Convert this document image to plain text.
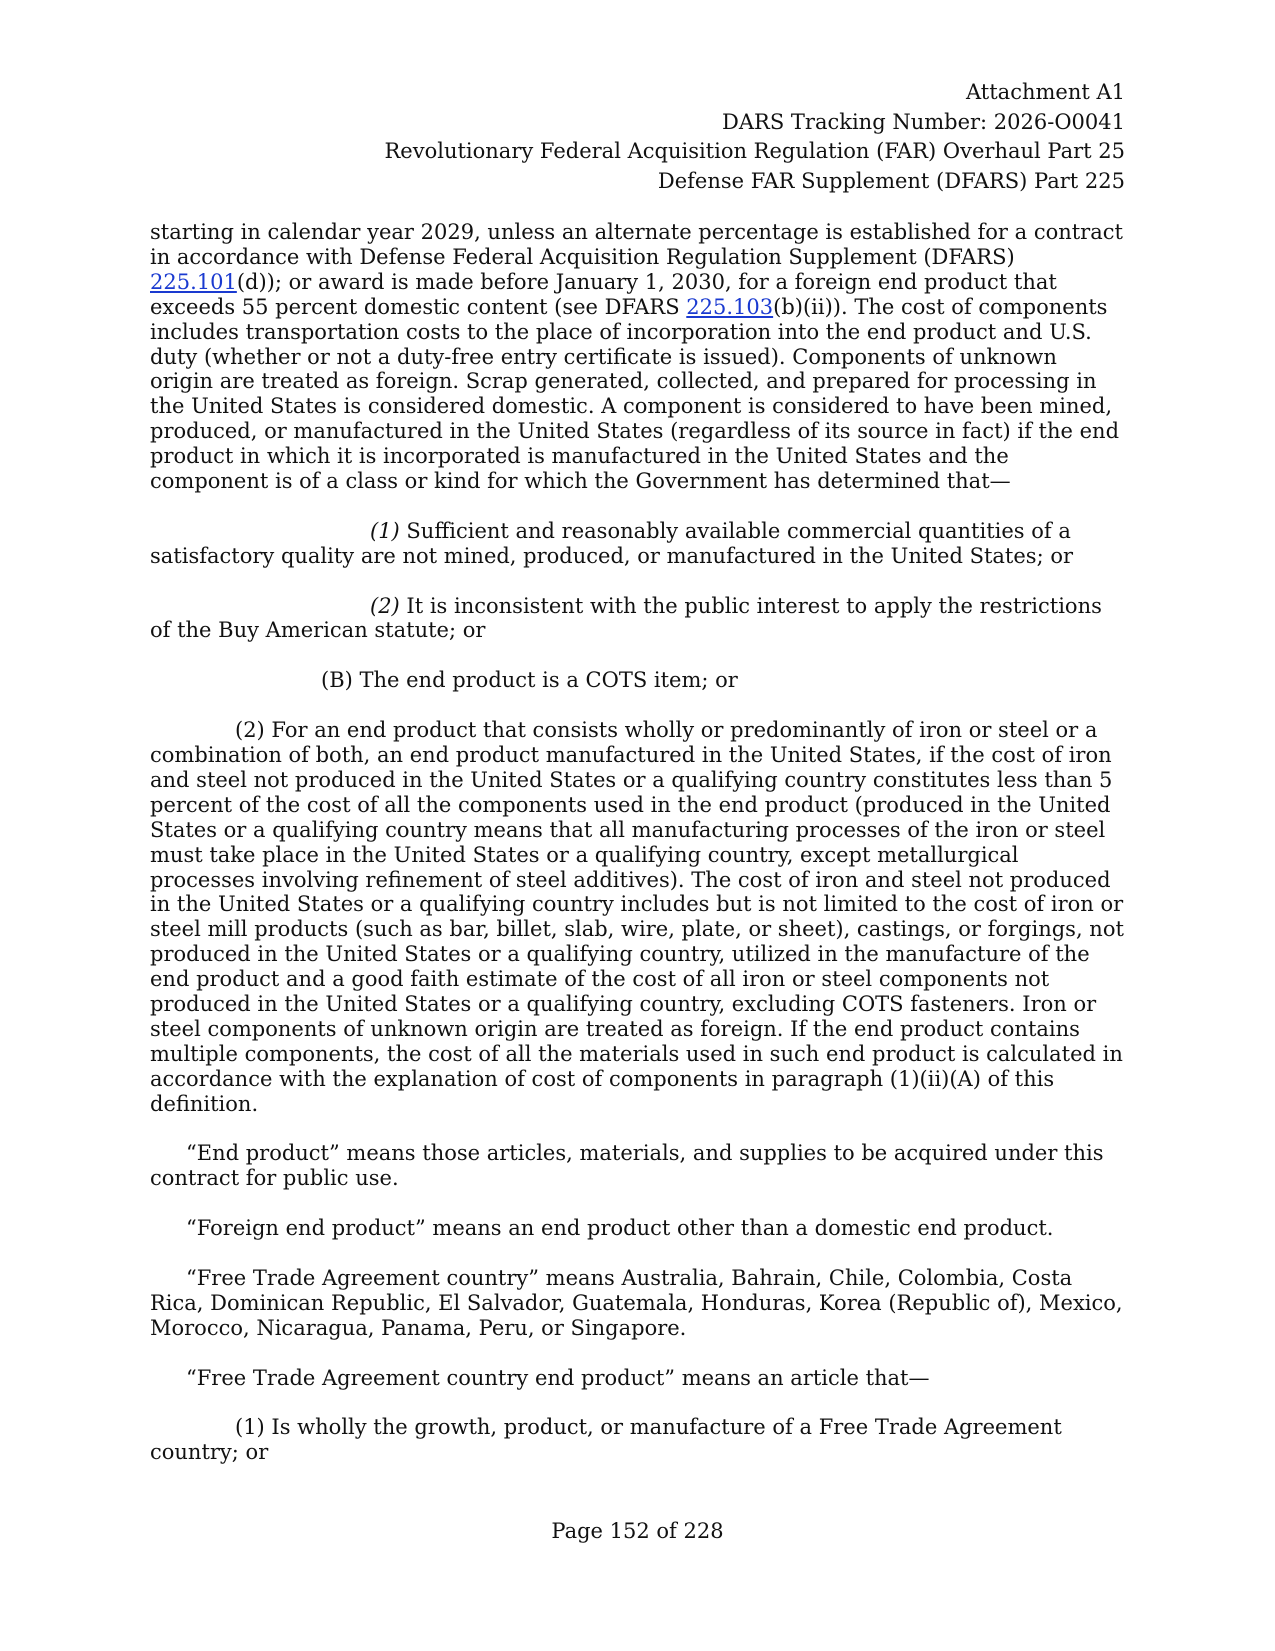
Attachment A1
DARS Tracking Number: 2026-O0041
Revolutionary Federal Acquisition Regulation (FAR) Overhaul Part 25
Defense FAR Supplement (DFARS) Part 225

starting in calendar year 2029, unless an alternate percentage is established for a contract in accordance with Defense Federal Acquisition Regulation Supplement (DFARS) 225.101(d)); or award is made before January 1, 2030, for a foreign end product that exceeds 55 percent domestic content (see DFARS 225.103(b)(ii)). The cost of components includes transportation costs to the place of incorporation into the end product and U.S. duty (whether or not a duty-free entry certificate is issued). Components of unknown origin are treated as foreign. Scrap generated, collected, and prepared for processing in the United States is considered domestic. A component is considered to have been mined, produced, or manufactured in the United States (regardless of its source in fact) if the end product in which it is incorporated is manufactured in the United States and the component is of a class or kind for which the Government has determined that—

(1) Sufficient and reasonably available commercial quantities of a satisfactory quality are not mined, produced, or manufactured in the United States; or

(2) It is inconsistent with the public interest to apply the restrictions of the Buy American statute; or

(B) The end product is a COTS item; or

(2) For an end product that consists wholly or predominantly of iron or steel or a combination of both, an end product manufactured in the United States, if the cost of iron and steel not produced in the United States or a qualifying country constitutes less than 5 percent of the cost of all the components used in the end product (produced in the United States or a qualifying country means that all manufacturing processes of the iron or steel must take place in the United States or a qualifying country, except metallurgical processes involving refinement of steel additives). The cost of iron and steel not produced in the United States or a qualifying country includes but is not limited to the cost of iron or steel mill products (such as bar, billet, slab, wire, plate, or sheet), castings, or forgings, not produced in the United States or a qualifying country, utilized in the manufacture of the end product and a good faith estimate of the cost of all iron or steel components not produced in the United States or a qualifying country, excluding COTS fasteners. Iron or steel components of unknown origin are treated as foreign. If the end product contains multiple components, the cost of all the materials used in such end product is calculated in accordance with the explanation of cost of components in paragraph (1)(ii)(A) of this definition.

“End product” means those articles, materials, and supplies to be acquired under this contract for public use.

“Foreign end product” means an end product other than a domestic end product.

“Free Trade Agreement country” means Australia, Bahrain, Chile, Colombia, Costa Rica, Dominican Republic, El Salvador, Guatemala, Honduras, Korea (Republic of), Mexico, Morocco, Nicaragua, Panama, Peru, or Singapore.

“Free Trade Agreement country end product” means an article that—

(1) Is wholly the growth, product, or manufacture of a Free Trade Agreement country; or

Page 152 of 228
